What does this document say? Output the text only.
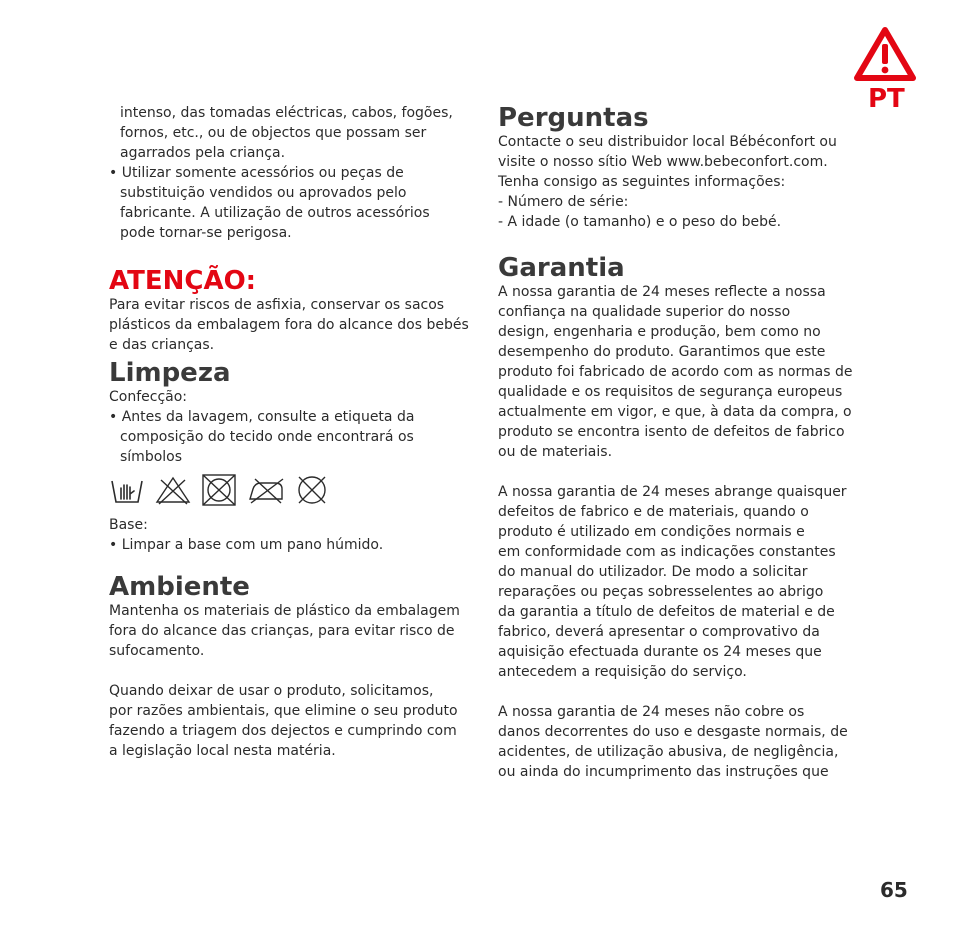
PT
intenso, das tomadas eléctricas, cabos, fogões,
fornos, etc., ou de objectos que possam ser
agarrados pela criança.
• Utilizar somente acessórios ou peças de
substituição vendidos ou aprovados pelo
fabricante. A utilização de outros acessórios
pode tornar-se perigosa.
ATENÇÃO:
Para evitar riscos de asfixia, conservar os sacos
plásticos da embalagem fora do alcance dos bebés
e das crianças.
Limpeza
Confecção:
• Antes da lavagem, consulte a etiqueta da
composição do tecido onde encontrará os
símbolos
Base:
• Limpar a base com um pano húmido.
Ambiente
Mantenha os materiais de plástico da embalagem
fora do alcance das crianças, para evitar risco de
sufocamento.
Quando deixar de usar o produto, solicitamos,
por razões ambientais, que elimine o seu produto
fazendo a triagem dos dejectos e cumprindo com
a legislação local nesta matéria.
Perguntas
Contacte o seu distribuidor local Bébéconfort ou
visite o nosso sítio Web www.bebeconfort.com.
Tenha consigo as seguintes informações:
- Número de série:
- A idade (o tamanho) e o peso do bebé.
Garantia
A nossa garantia de 24 meses reflecte a nossa
confiança na qualidade superior do nosso
design, engenharia e produção, bem como no
desempenho do produto. Garantimos que este
produto foi fabricado de acordo com as normas de
qualidade e os requisitos de segurança europeus
actualmente em vigor, e que, à data da compra, o
produto se encontra isento de defeitos de fabrico
ou de materiais.
A nossa garantia de 24 meses abrange quaisquer
defeitos de fabrico e de materiais, quando o
produto é utilizado em condições normais e
em conformidade com as indicações constantes
do manual do utilizador. De modo a solicitar
reparações ou peças sobresselentes ao abrigo
da garantia a título de defeitos de material e de
fabrico, deverá apresentar o comprovativo da
aquisição efectuada durante os 24 meses que
antecedem a requisição do serviço.
A nossa garantia de 24 meses não cobre os
danos decorrentes do uso e desgaste normais, de
acidentes, de utilização abusiva, de negligência,
ou ainda do incumprimento das instruções que
65
